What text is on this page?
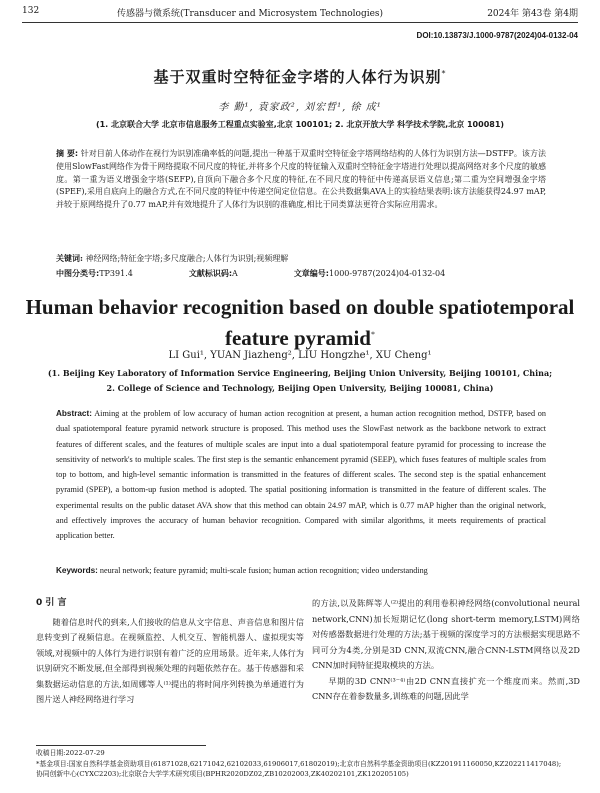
132	传感器与微系统(Transducer and Microsystem Technologies)	2024年 第43卷 第4期
DOI:10.13873/J.1000-9787(2024)04-0132-04
基于双重时空特征金字塔的人体行为识别*
李 勤¹, 袁家政², 刘宏哲¹, 徐 成¹
(1. 北京联合大学 北京市信息服务工程重点实验室,北京 100101; 2. 北京开放大学 科学技术学院,北京 100081)
摘 要: 针对目前人体动作在视行为识别准确率低的问题,提出一种基于双重时空特征金字塔网络结构的人体行为识别方法—DSTFP。该方法使用SlowFast网络作为骨干网络提取不同尺度的特征,并将多个尺度的特征输入双重时空特征金字塔进行处理以提高网络对多个尺度的敏感度。第一重为语义增强金字塔(SEFP),自顶向下融合多个尺度的特征,在不同尺度的特征中传递高层语义信息;第二重为空间增强金字塔(SPEF),采用自底向上的融合方式,在不同尺度的特征中传递空间定位信息。在公共数据集AVA上的实验结果表明:该方法能获得24.97 mAP,并较于原网络提升了0.77 mAP,并有效地提升了人体行为识别的准确度,相比于同类算法更符合实际应用需求。
关键词: 神经网络;特征金字塔;多尺度融合;人体行为识别;视频理解
中图分类号:TP391.4	文献标识码:A	文章编号:1000-9787(2024)04-0132-04
Human behavior recognition based on double spatiotemporal feature pyramid*
LI Gui¹, YUAN Jiazheng², LIU Hongzhe¹, XU Cheng¹
(1. Beijing Key Laboratory of Information Service Engineering, Beijing Union University, Beijing 100101, China;
2. College of Science and Technology, Beijing Open University, Beijing 100081, China)
Abstract: Aiming at the problem of low accuracy of human action recognition at present, a human action recognition method, DSTFP, based on dual spatiotemporal feature pyramid network structure is proposed. This method uses the SlowFast network as the backbone network to extract features of different scales, and the features of multiple scales are input into a dual spatiotemporal feature pyramid for processing to increase the sensitivity of network's to multiple scales. The first step is the semantic enhancement pyramid (SEEP), which fuses features of multiple scales from top to bottom, and high-level semantic information is transmitted in the features of different scales. The second step is the spatial enhancement pyramid (SPEP), a bottom-up fusion method is adopted. The spatial positioning information is transmitted in the feature of different scales. The experimental results on the public dataset AVA show that this method can obtain 24.97 mAP, which is 0.77 mAP higher than the original network, and effectively improves the accuracy of human behavior recognition. Compared with similar algorithms, it meets requirements of practical application better.
Keywords: neural network; feature pyramid; multi-scale fusion; human action recognition; video understanding
0 引 言

随着信息时代的到来,人们接收的信息从文字信息、声音信息和图片信息转变到了视频信息。在视频监控、人机交互、智能机器人、虚拟现实等领域,对视频中的人体行为进行识别有着广泛的应用场景。近年来,人体行为识别研究不断发展,但全部得到视频处理的问题依然存在。基于传感器和采集数据运动信息的方法,如周娜等人⁽¹⁾提出的将时间序列转换为单通道行为图片送人神经网络进行学习

的方法,以及陈辉等人⁽²⁾提出的利用卷积神经网络(convolutional neural network,CNN)加长短期记忆(long short-term memory,LSTM)网络对传感器数据进行处理的方法;基于视频的深度学习的方法根据实现思路不同可分为4类,分别是3D CNN,双流CNN,融合CNN-LSTM网络以及2D CNN加时间特征提取模块的方法。

早期的3D CNN⁽³⁻⁴⁾由2D CNN直接扩充一个维度而来。然而,3D CNN存在着参数量多,训练难的问题,因此学

收稿日期:2022-07-29
*基金项目:国家自然科学基金资助项目(61871028,62171042,62102033,61906017,61802019);北京市自然科学基金资助项目(KZ201911160050,KZ202211417048);协同创新中心(CYXC2203);北京联合大学学术研究项目(BPHR2020DZ02,ZB10202003,ZK40202101,ZK120205105)
